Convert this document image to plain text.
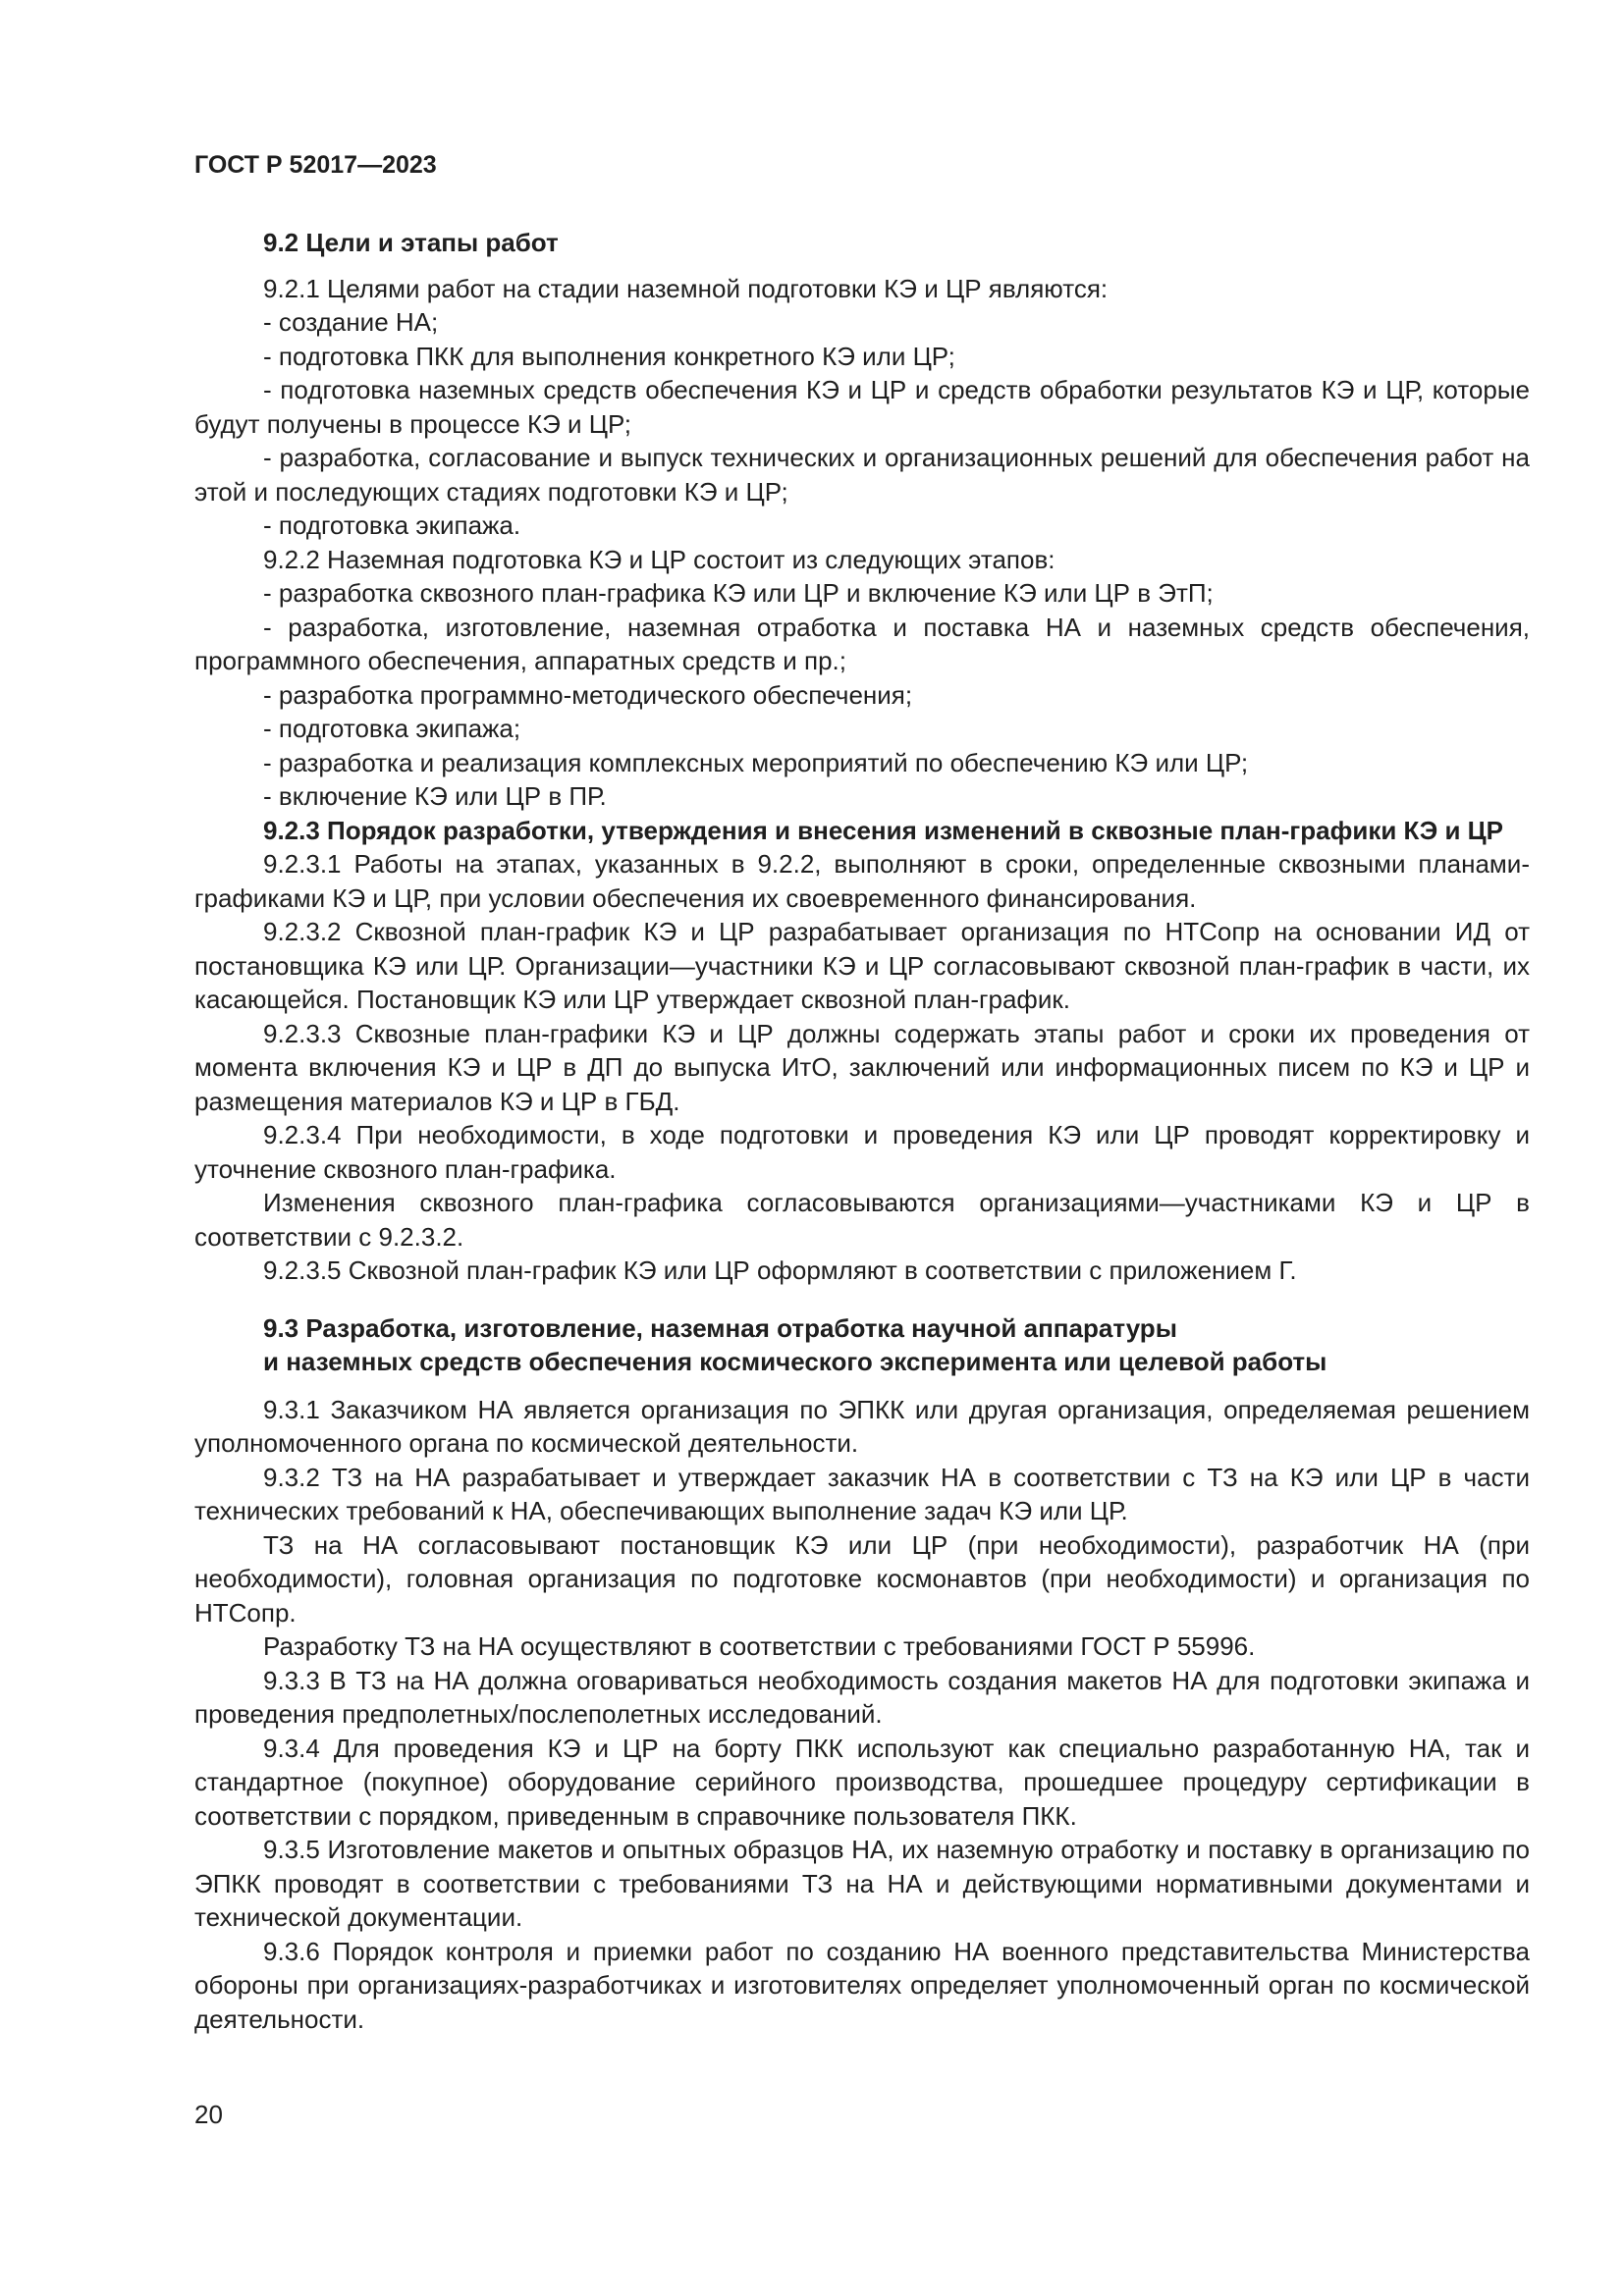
ГОСТ Р 52017—2023

9.2 Цели и этапы работ

9.2.1 Целями работ на стадии наземной подготовки КЭ и ЦР являются:

- создание НА;

- подготовка ПКК для выполнения конкретного КЭ или ЦР;

- подготовка наземных средств обеспечения КЭ и ЦР и средств обработки результатов КЭ и ЦР, которые будут получены в процессе КЭ и ЦР;

- разработка, согласование и выпуск технических и организационных решений для обеспечения работ на этой и последующих стадиях подготовки КЭ и ЦР;

- подготовка экипажа.

9.2.2 Наземная подготовка КЭ и ЦР состоит из следующих этапов:

- разработка сквозного план-графика КЭ или ЦР и включение КЭ или ЦР в ЭтП;

- разработка, изготовление, наземная отработка и поставка НА и наземных средств обеспечения, программного обеспечения, аппаратных средств и пр.;

- разработка программно-методического обеспечения;

- подготовка экипажа;

- разработка и реализация комплексных мероприятий по обеспечению КЭ или ЦР;

- включение КЭ или ЦР в ПР.

9.2.3 Порядок разработки, утверждения и внесения изменений в сквозные план-графики КЭ и ЦР

9.2.3.1 Работы на этапах, указанных в 9.2.2, выполняют в сроки, определенные сквозными планами-графиками КЭ и ЦР, при условии обеспечения их своевременного финансирования.

9.2.3.2 Сквозной план-график КЭ и ЦР разрабатывает организация по НТСопр на основании ИД от постановщика КЭ или ЦР. Организации—участники КЭ и ЦР согласовывают сквозной план-график в части, их касающейся. Постановщик КЭ или ЦР утверждает сквозной план-график.

9.2.3.3 Сквозные план-графики КЭ и ЦР должны содержать этапы работ и сроки их проведения от момента включения КЭ и ЦР в ДП до выпуска ИтО, заключений или информационных писем по КЭ и ЦР и размещения материалов КЭ и ЦР в ГБД.

9.2.3.4 При необходимости, в ходе подготовки и проведения КЭ или ЦР проводят корректировку и уточнение сквозного план-графика.

Изменения сквозного план-графика согласовываются организациями—участниками КЭ и ЦР в соответствии с 9.2.3.2.

9.2.3.5 Сквозной план-график КЭ или ЦР оформляют в соответствии с приложением Г.

9.3 Разработка, изготовление, наземная отработка научной аппаратуры
и наземных средств обеспечения космического эксперимента или целевой работы

9.3.1 Заказчиком НА является организация по ЭПКК или другая организация, определяемая решением уполномоченного органа по космической деятельности.

9.3.2 ТЗ на НА разрабатывает и утверждает заказчик НА в соответствии с ТЗ на КЭ или ЦР в части технических требований к НА, обеспечивающих выполнение задач КЭ или ЦР.

ТЗ на НА согласовывают постановщик КЭ или ЦР (при необходимости), разработчик НА (при необходимости), головная организация по подготовке космонавтов (при необходимости) и организация по НТСопр.

Разработку ТЗ на НА осуществляют в соответствии с требованиями ГОСТ Р 55996.

9.3.3 В ТЗ на НА должна оговариваться необходимость создания макетов НА для подготовки экипажа и проведения предполетных/послеполетных исследований.

9.3.4 Для проведения КЭ и ЦР на борту ПКК используют как специально разработанную НА, так и стандартное (покупное) оборудование серийного производства, прошедшее процедуру сертификации в соответствии с порядком, приведенным в справочнике пользователя ПКК.

9.3.5 Изготовление макетов и опытных образцов НА, их наземную отработку и поставку в организацию по ЭПКК проводят в соответствии с требованиями ТЗ на НА и действующими нормативными документами и технической документации.

9.3.6 Порядок контроля и приемки работ по созданию НА военного представительства Министерства обороны при организациях-разработчиках и изготовителях определяет уполномоченный орган по космической деятельности.

20
